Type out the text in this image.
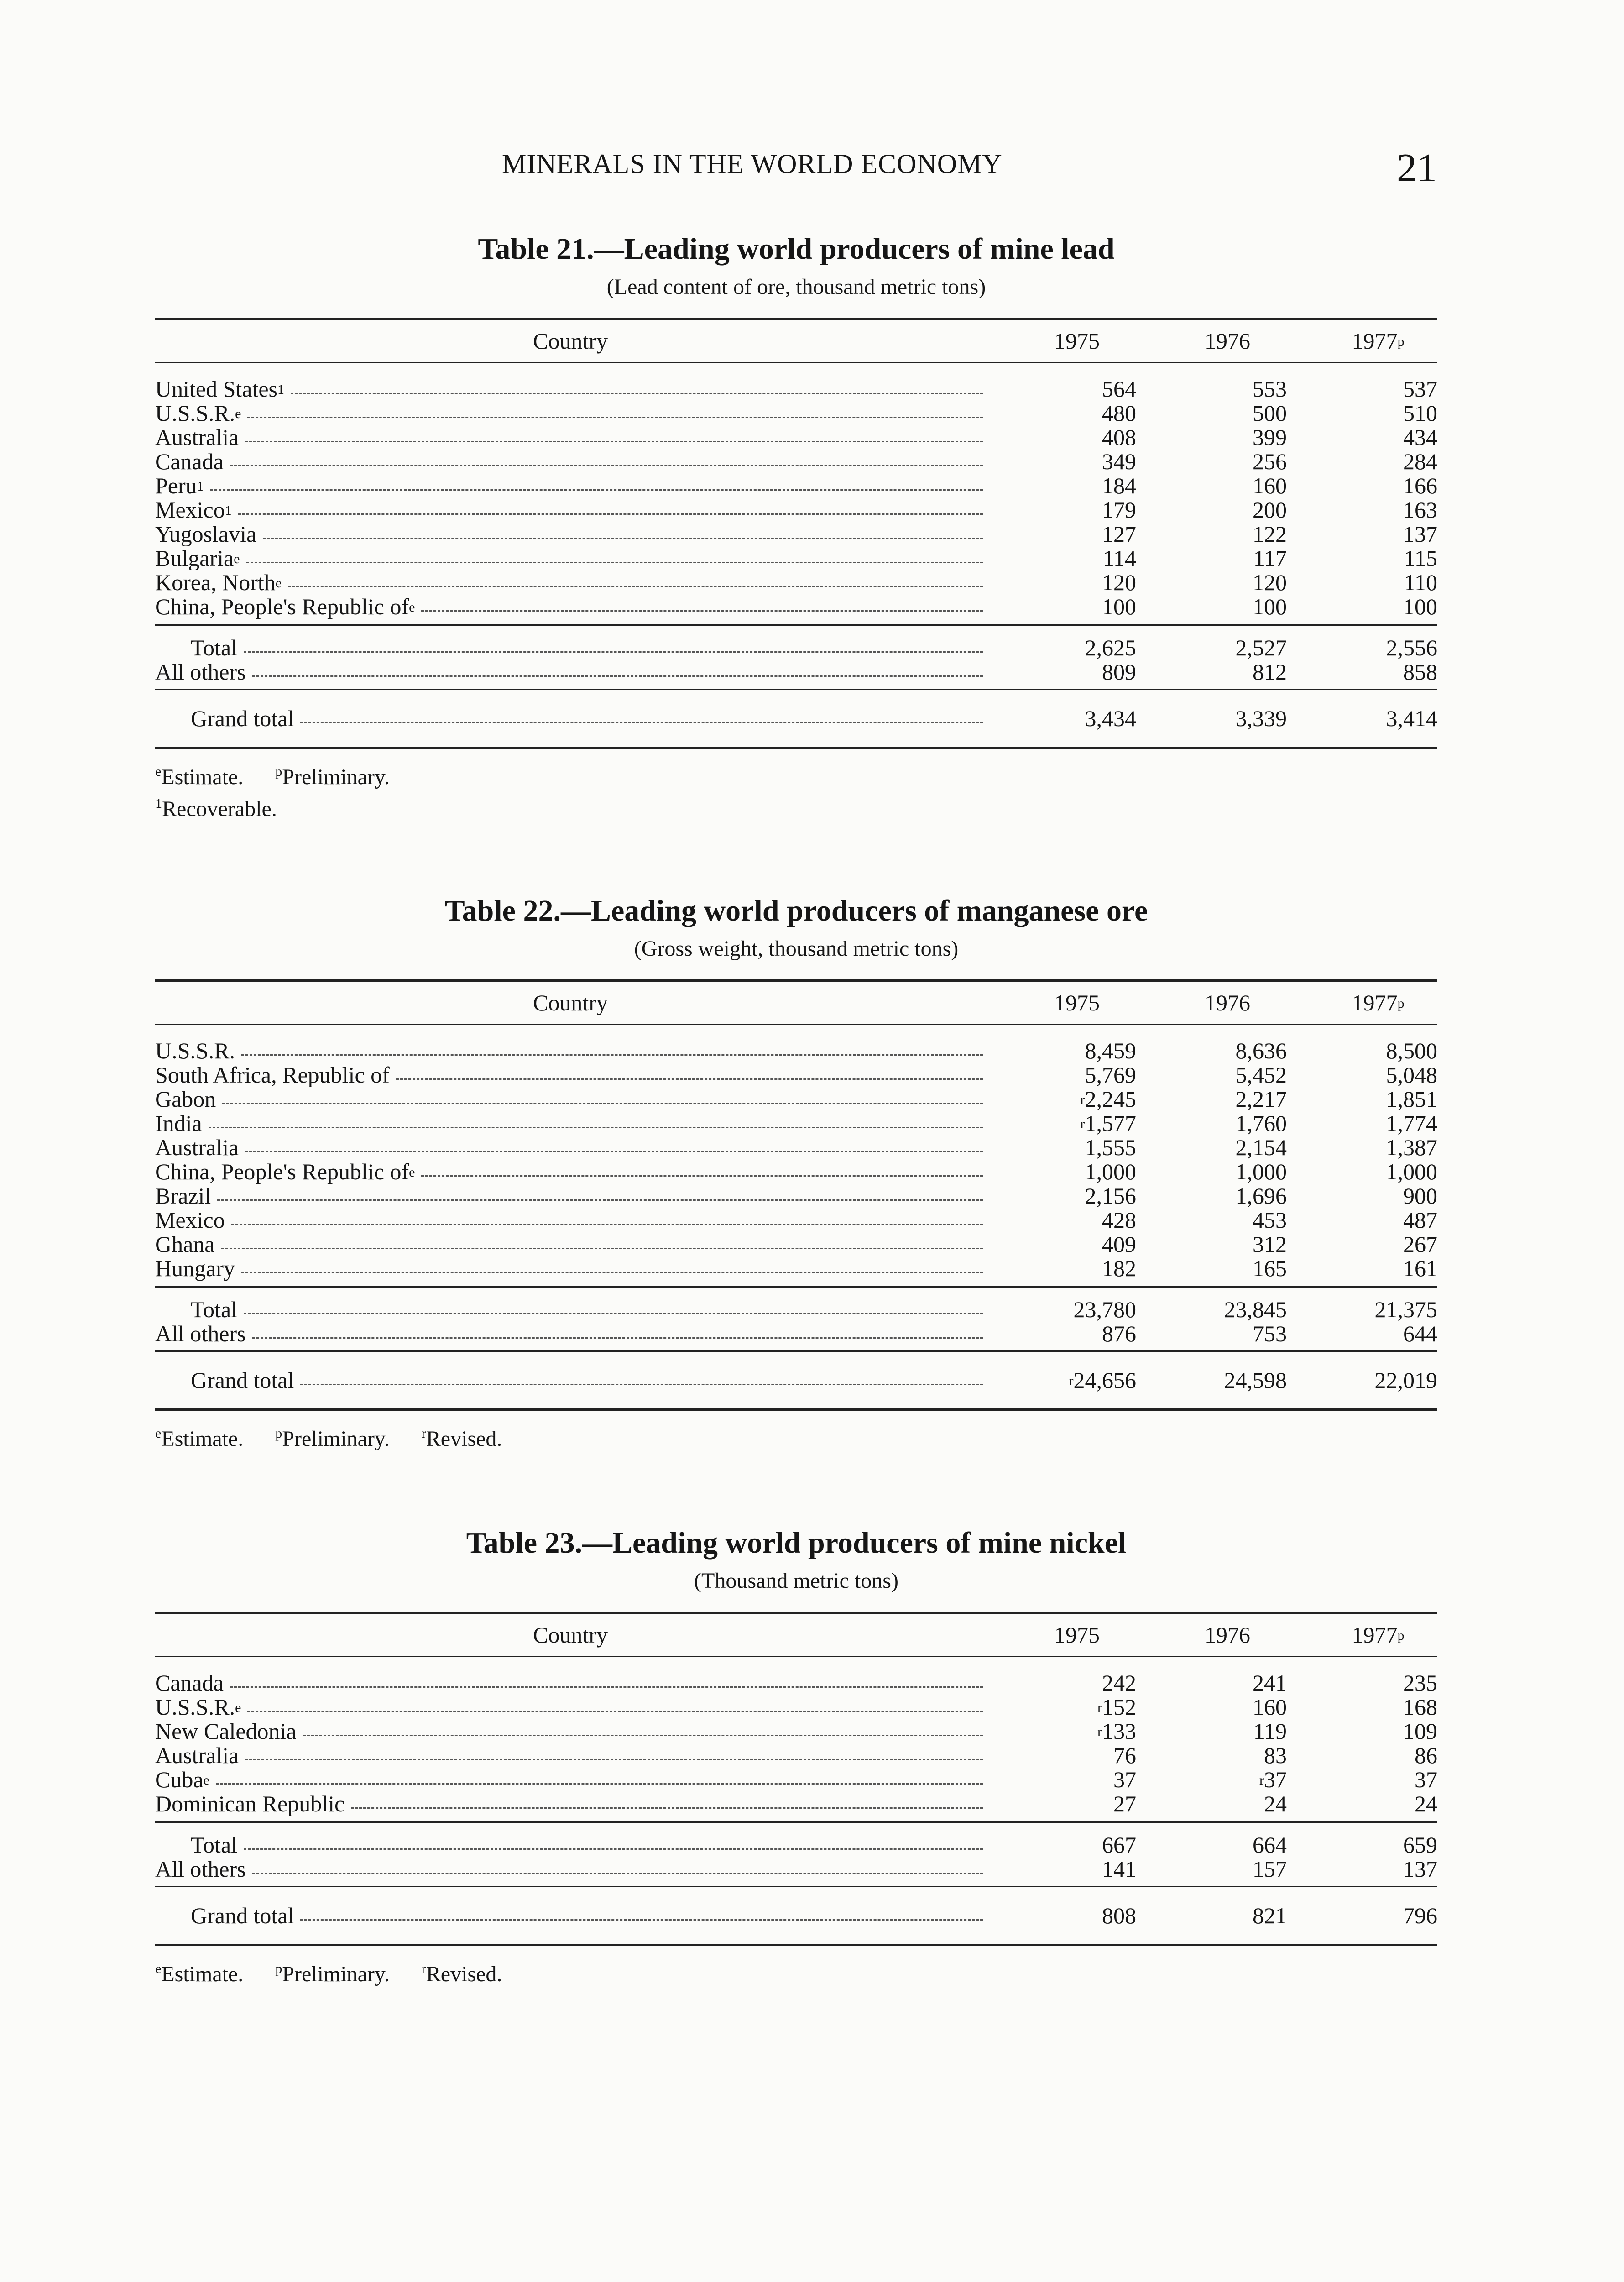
MINERALS IN THE WORLD ECONOMY	21
Table 21.—Leading world producers of mine lead
(Lead content of ore, thousand metric tons)
Country	1975	1976	1977$^p$
United States$^1$	564	553	537
U.S.S.R.$^e$	480	500	510
Australia	408	399	434
Canada	349	256	284
Peru$^1$	184	160	166
Mexico$^1$	179	200	163
Yugoslavia	127	122	137
Bulgaria$^e$	114	117	115
Korea, North$^e$	120	120	110
China, People's Republic $of^e$	100	100	100
Total	2,625	2,527	2,556
All others	809	812	858
Grand total	3,434	3,339	3,414
$^e$Estimate. $^p$Preliminary.
$^1$Recoverable.
Table 22.—Leading world producers of manganese ore
(Gross weight, thousand metric tons)
Country	1975	1976	1977$^p$
U.S.S.R.	8,459	8,636	8,500
South Africa, Republic of	5,769	5,452	5,048
Gabon	$^r$2,245	2,217	1,851
India	$^r$1,577	1,760	1,774
Australia	1,555	2,154	1,387
China, People's Republic $of^e$	1,000	1,000	1,000
Brazil	2,156	1,696	900
Mexico	428	453	487
Ghana	409	312	267
Hungary	182	165	161
Total	23,780	23,845	21,375
All others	876	753	644
Grand total	$^r$24,656	24,598	22,019
$^e$Estimate. $^p$Preliminary. $^r$Revised.
Table 23.—Leading world producers of mine nickel
(Thousand metric tons)
Country	1975	1976	1977$^p$
Canada	242	241	235
U.S.S.R.$^e$	$^r$152	160	168
New Caledonia	$^r$133	119	109
Australia	76	83	86
Cuba$^e$	37	$^r$37	37
Dominican Republic	27	24	24
Total	667	664	659
All others	141	157	137
Grand total	808	821	796
$^e$Estimate. $^p$Preliminary. $^r$Revised.
